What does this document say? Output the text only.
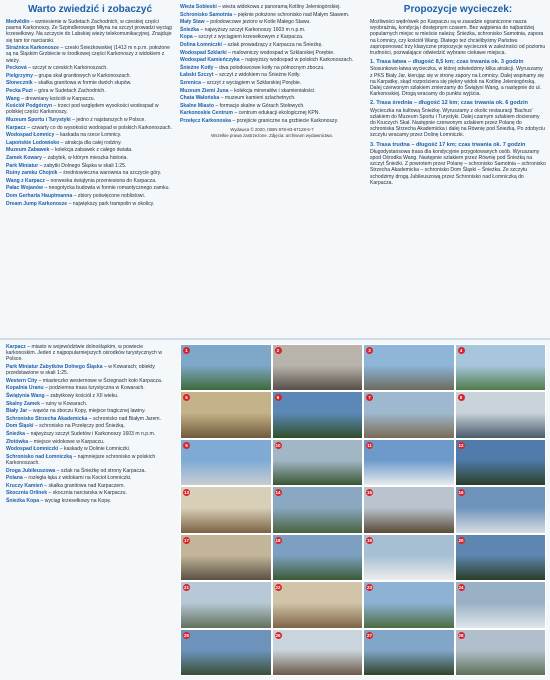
Warto zwiedzić i zobaczyć

Medvědín – wzniesienie w Sudetach Zachodnich, w czeskiej części pasma Karkonoszy. Ze Szpindlerowego Młyna na szczyt prowadzi wyciąg krzesełkowy. Na szczycie do Labskiej wieży telekomunikacyjnej. Znajduje się tam tor narciarski.

Strażnica Karkonosze – czeski Śnieżkowskiej (1413 m n.p.m. położone są na Śląskim Grzbiecie w środkowej części Karkonoszy z widokiem z wieży.

Pecková – szczyt w czeskich Karkonoszach.

Pielgrzymy – grupa skał granitowych w Karkonoszach.

Słonecznik – skałka granitowa w formie dwóch słupów.

Pecka Puzi – góra w Sudetach Zachodnich.

Wang – drewniany kościół w Karpaczu.

Kościół Podgórzyn – trzeci pod względem wysokości wodospad w polskiej części Karkonoszy.

Muzeum Sportu i Turystyki – jedno z najstarszych w Polsce.

Karpacz – czwarty co do wysokości wodospad w polskich Karkonoszach.

Wodospad Łomnicy – kaskada na rzece Łomnicy.

Lapońskie Lodowisko – atrakcja dla całej rodziny.

Muzeum Zabawek – kolekcja zabawek z całego świata.

Zamek Kowary – zabytek, w którym mieszka historia.

Park Miniatur – zabytki Dolnego Śląska w skali 1:25.

Ruiny zamku Chojnik – średniowieczna warownia na szczycie góry.

Wang z Karpacz – norweska świątynia przeniesiona do Karpacza.

Pałac Wojanów – neogotycka budowla w formie romantycznego zamku.

Dom Gerharta Hauptmanna – zbiory poświęcone noblistowi.

Dream Jump Karkonosze – największy park trampolin w okolicy.

Wieża Sobieski – wieża widokowa z panoramą Kotliny Jeleniogórskiej.

Schronisko Samotnia – pięknie położone schronisko nad Małym Stawem.

Mały Staw – polodowcowe jezioro w Kotle Małego Stawu.

Śnieżka – najwyższy szczyt Karkonoszy 1603 m n.p.m.

Kopa – szczyt z wyciągiem krzesełkowym z Karpacza.

Dolina Łomniczki – szlak prowadzący z Karpacza na Śnieżkę.

Wodospad Szklarki – malowniczy wodospad w Szklarskiej Porębie.

Wodospad Kamieńczyka – najwyższy wodospad w polskich Karkonoszach.

Śnieżne Kotły – dwa polodowcowe kotły na północnym zboczu.

Łabski Szczyt – szczyt z widokiem na Śnieżne Kotły.

Szrenica – szczyt z wyciągiem w Szklarskiej Porębie.

Muzeum Ziemi Juna – kolekcja minerałów i skamieniałości.

Chata Walońska – muzeum kamieni szlachetnych.

Skalne Miasto – formacje skalne w Górach Stołowych.

Karkonoskie Centrum – centrum edukacji ekologicznej KPN.

Przełęcz Karkonoska – przejście graniczne na grzbiecie Karkonoszy.

Wydawca © 2020, ISBN 978-83-67128-6-7
Wszelkie prawa zastrzeżone. Zdjęcia: archiwum wydawnictwa.
Propozycje wycieczek:

Możliwości wędrówek po Karpaczu są w zasadzie ograniczone nasza wyobraźnią, kondycją i dostępnym czasem. Bez wątpienia do najbardziej popularnych miejsc w mieście należą: Śnieżka, schronisko Samotnia, zapora na Łomnicy, czy kościół Wang. Dlatego też chcielibyśmy Państwu zaproponować trzy klasyczne propozycje wycieczek w zależności od poziomu trudności, pozwalające odwiedzić wybrane ciekawe miejsca.

1. Trasa łatwa – długość 8,5 km; czas trwania ok. 3 godzin

Stosunkowo łatwa wycieczka, w której odwiedzimy kilka atrakcji. Wyruszamy z PKS Biały Jar, kierując się w stronę zapory na Łomnicy. Dalej wspinamy się na Karpatkę, skąd rozpościera się piękny widok na Kotlinę Jeleniogórską. Dalej czerwonym szlakiem zmierzamy do Świątyni Wang, a następnie do ul. Karkonoskiej. Drogą wracamy do punktu wyjścia.

2. Trasa średnia – długość 12 km; czas trwania ok. 6 godzin

Wycieczka na kultową Śnieżkę. Wyruszamy z okolic restauracji 'Bachus' szlakiem do Muzeum Sportu i Turystyki. Dalej czarnym szlakiem docieramy do Kruczych Skał. Następnie czerwonym szlakiem przez Polanę do schroniska Strzecha Akademicka i dalej na Równię pod Śnieżką. Po zdobyciu szczytu wracamy przez Dolinę Łomniczki.

3. Trasa trudna – długość 17 km; czas trwania ok. 7 godzin

Długodystansowa trasa dla kondycyjnie przygotowanych osób. Wyruszamy spod Ośrodka Wang. Następnie szlakiem przez Równię pod Śnieżką na szczyt Śnieżki. Z powrotem przez Polanę – schronisko Samotnia – schronisko Strzecha Akademicka – schronisko Dom Śląski – Śnieżka. Ze szczytu schodzimy drogą Jubileuszową przez Schronisko nad Łomniczką do Karpacza.

Karpacz – miasto w województwie dolnośląskim, w powiecie karkonoskim. Jeden z najpopularniejszych ośrodków turystycznych w Polsce.

Park Miniatur Zabytków Dolnego Śląska – w Kowarach; obiekty przedstawione w skali 1:25.

Western City – miasteczko westernowe w Ściegnach koło Karpacza.

Kopalnia Uranu – podziemna trasa turystyczna w Kowarach.

Świątynia Wang – zabytkowy kościół z XII wieku.

Skalny Zamek – ruiny w Kowarach.

Biały Jar – wąwóz na zboczu Kopy, miejsce tragicznej lawiny.

Schronisko Strzecha Akademicka – schronisko nad Białym Jarem.

Dom Śląski – schronisko na Przełęczy pod Śnieżką.

Śnieżka – najwyższy szczyt Sudetów i Karkonoszy 1603 m n.p.m.

Złotówka – miejsce widokowe w Karpaczu.

Wodospad Łomniczki – kaskady w Dolinie Łomniczki.

Schronisko nad Łomniczką – najmniejsze schronisko w polskich Karkonoszach.

Droga Jubileuszowa – szlak na Śnieżkę od strony Karpacza.

Polana – rozległa łąka z widokami na Kocioł Łomniczki.

Kruczy Kamień – skałka granitowa nad Karpaczem.

Skocznia Orlinek – skocznia narciarska w Karpaczu.

Śnieżka Kopa – wyciąg krzesełkowy na Kopę.

1	2	3	4
5	6	7	8
9	10	11	12
13	14	15	16
17	18	19	20
21	22	23	24
25	26	27	28
